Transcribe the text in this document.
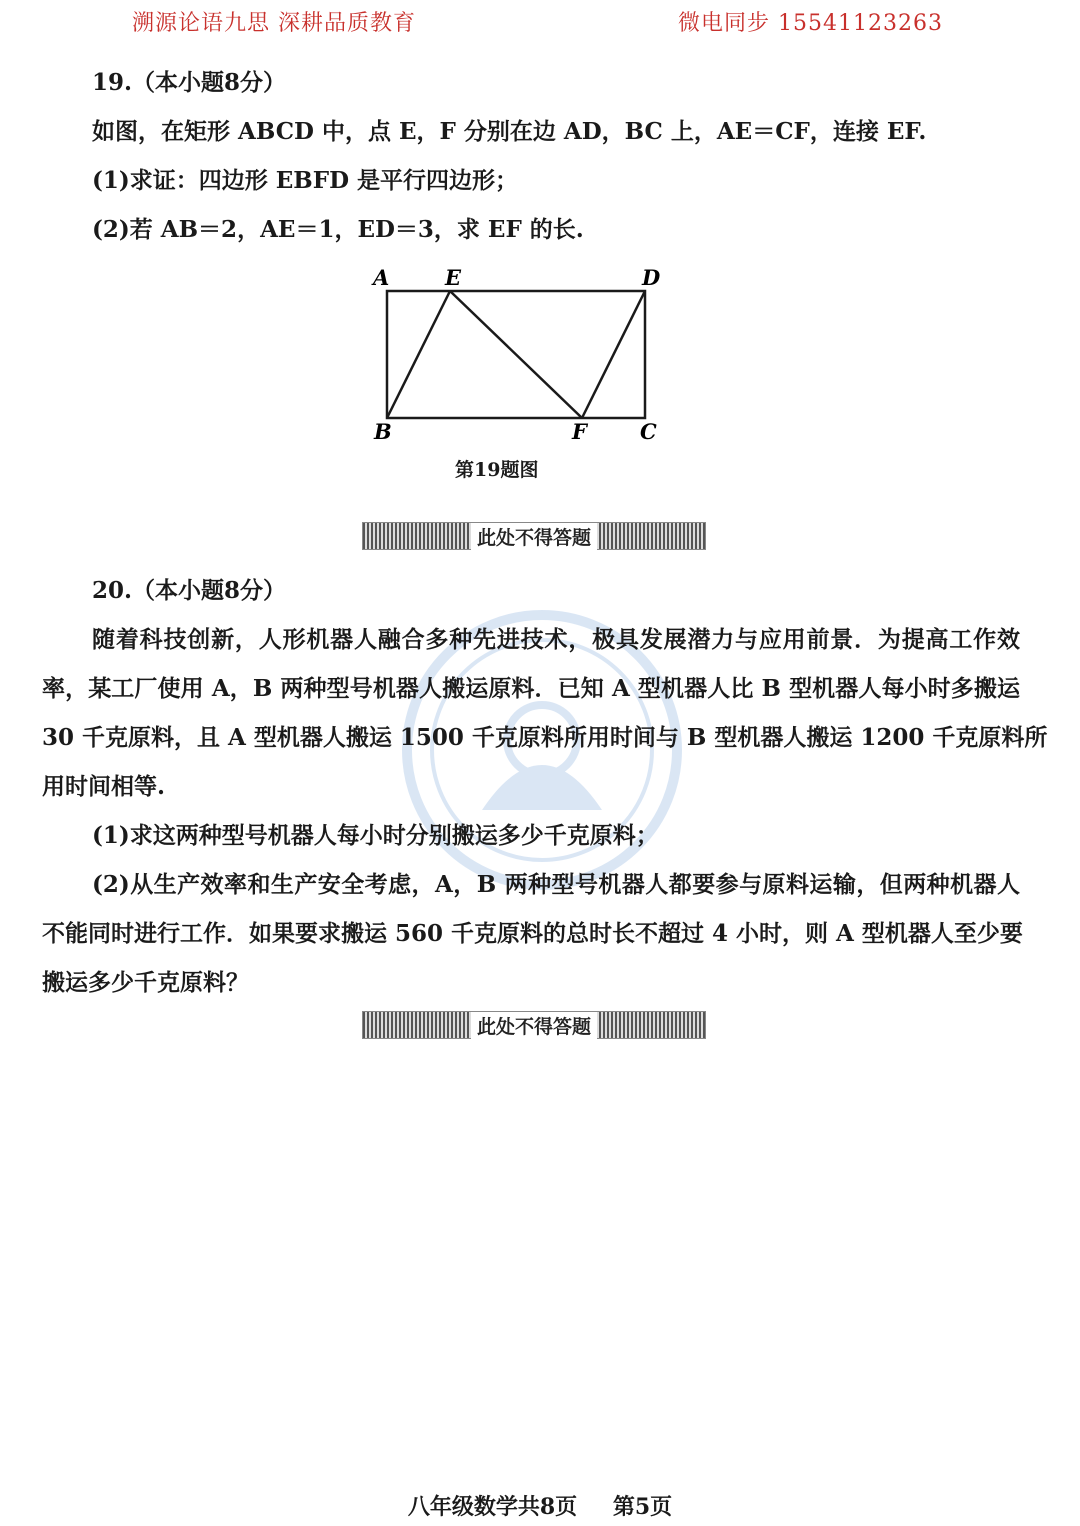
溯源论语九思 深耕品质教育	微电同步 15541123263
19.（本小题8分）
如图，在矩形 ABCD 中，点 E，F 分别在边 AD，BC 上，AE＝CF，连接 EF.
(1)求证：四边形 EBFD 是平行四边形；
(2)若 AB＝2，AE＝1，ED＝3，求 EF 的长.
A	E	D
B	F	C
第19题图
此处不得答题
20.（本小题8分）
随着科技创新，人形机器人融合多种先进技术，极具发展潜力与应用前景．为提高工作效
率，某工厂使用 A，B 两种型号机器人搬运原料．已知 A 型机器人比 B 型机器人每小时多搬运
30 千克原料，且 A 型机器人搬运 1500 千克原料所用时间与 B 型机器人搬运 1200 千克原料所
用时间相等.
(1)求这两种型号机器人每小时分别搬运多少千克原料；
(2)从生产效率和生产安全考虑，A，B 两种型号机器人都要参与原料运输，但两种机器人
不能同时进行工作．如果要求搬运 560 千克原料的总时长不超过 4 小时，则 A 型机器人至少要
搬运多少千克原料？
此处不得答题
八年级数学共8页 第5页
